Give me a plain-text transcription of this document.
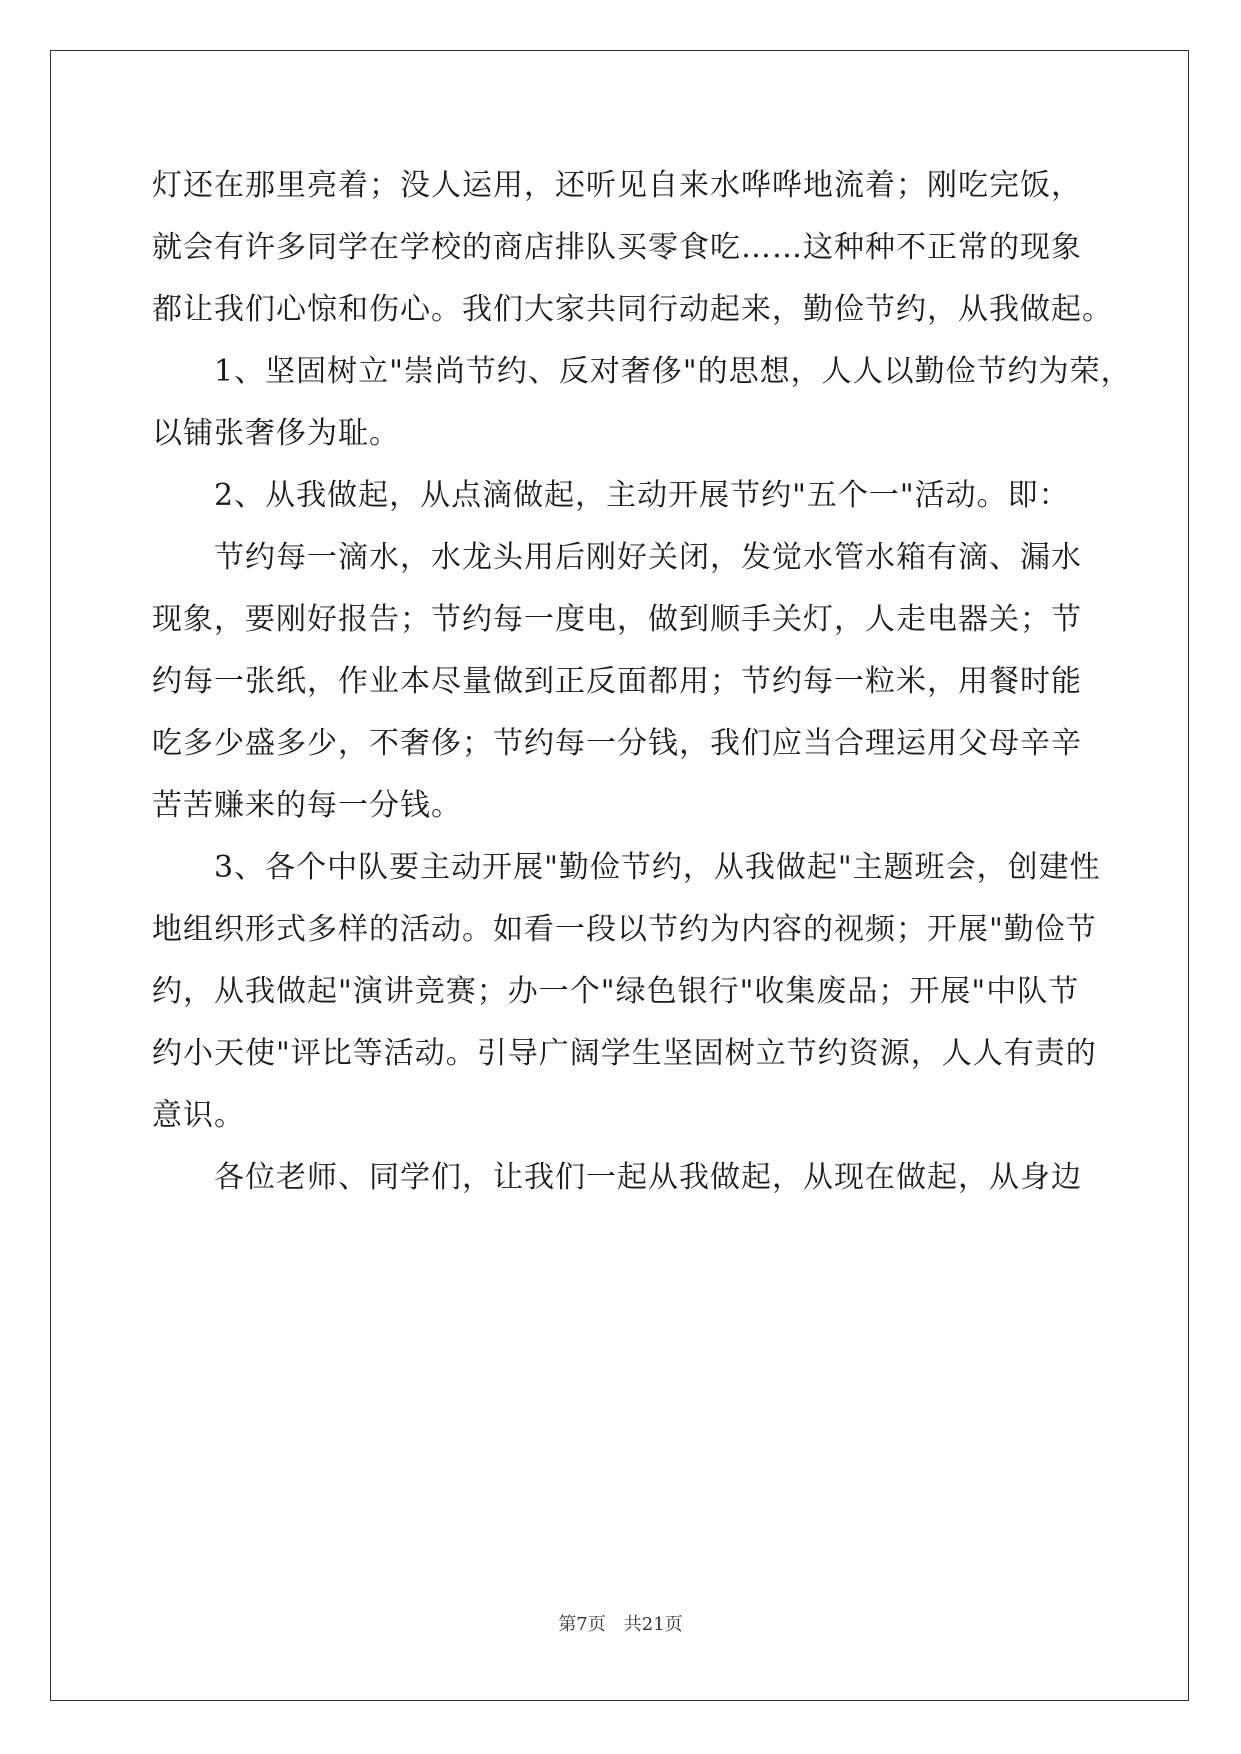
灯还在那里亮着；没人运用，还听见自来水哗哗地流着；刚吃完饭，
就会有许多同学在学校的商店排队买零食吃……这种种不正常的现象
都让我们心惊和伤心。我们大家共同行动起来，勤俭节约，从我做起。
1、坚固树立"崇尚节约、反对奢侈"的思想，人人以勤俭节约为荣，
以铺张奢侈为耻。
2、从我做起，从点滴做起，主动开展节约"五个一"活动。即：
节约每一滴水，水龙头用后刚好关闭，发觉水管水箱有滴、漏水
现象，要刚好报告；节约每一度电，做到顺手关灯，人走电器关；节
约每一张纸，作业本尽量做到正反面都用；节约每一粒米，用餐时能
吃多少盛多少，不奢侈；节约每一分钱，我们应当合理运用父母辛辛
苦苦赚来的每一分钱。
3、各个中队要主动开展"勤俭节约，从我做起"主题班会，创建性
地组织形式多样的活动。如看一段以节约为内容的视频；开展"勤俭节
约，从我做起"演讲竞赛；办一个"绿色银行"收集废品；开展"中队节
约小天使"评比等活动。引导广阔学生坚固树立节约资源，人人有责的
意识。
各位老师、同学们，让我们一起从我做起，从现在做起，从身边
第7页　共21页
